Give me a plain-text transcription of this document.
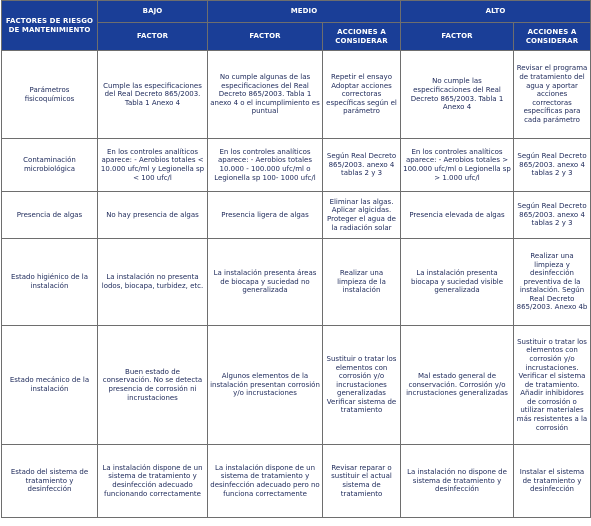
FACTORES DE RIESGO DE MANTENIMIENTO	BAJO	MEDIO		ALTO	
	FACTOR	FACTOR	ACCIONES A CONSIDERAR	FACTOR	ACCIONES A CONSIDERAR
Parámetros fisicoquímicos	Cumple las especificaciones del Real Decreto 865/2003. Tabla 1 Anexo 4	No cumple algunas de las especificaciones del Real Decreto 865/2003. Tabla 1 anexo 4 o el incumplimiento es puntual	Repetir el ensayo Adoptar acciones correctoras específicas según el parámetro	No cumple las especificaciones del Real Decreto 865/2003. Tabla 1 Anexo 4	Revisar el programa de tratamiento del agua y aportar acciones correctoras específicas para cada parámetro
Contaminación microbiológica	En los controles analíticos aparece: - Aerobios totales < 10.000 ufc/ml y Legionella sp < 100 ufc/l	En los controles analíticos aparece: - Aerobios totales 10.000 - 100.000 ufc/ml o Legionella sp 100- 1000 ufc/l	Según Real Decreto 865/2003. anexo 4 tablas 2 y 3	En los controles analíticos aparece: - Aerobios totales > 100.000 ufc/ml o Legionella sp > 1.000 ufc/l	Según Real Decreto 865/2003. anexo 4 tablas 2 y 3
Presencia de algas	No hay presencia de algas	Presencia ligera de algas	Eliminar las algas. Aplicar algicidas. Proteger el agua de la radiación solar	Presencia elevada de algas	Según Real Decreto 865/2003. anexo 4 tablas 2 y 3
Estado higiénico de la instalación	La instalación no presenta lodos, biocapa, turbidez, etc.	La instalación presenta áreas de biocapa y suciedad no generalizada	Realizar una limpieza de la instalación	La instalación presenta biocapa y suciedad visible generalizada	Realizar una limpieza y desinfección preventiva de la instalación. Según Real Decreto 865/2003. Anexo 4b
Estado mecánico de la instalación	Buen estado de conservación. No se detecta presencia de corrosión ni incrustaciones	Algunos elementos de la instalación presentan corrosión y/o incrustaciones	Sustituir o tratar los elementos con corrosión y/o incrustaciones generalizadas Verificar sistema de tratamiento	Mal estado general de conservación. Corrosión y/o incrustaciones generalizadas	Sustituir o tratar los elementos con corrosión y/o incrustaciones. Verificar el sistema de tratamiento. Añadir inhibidores de corrosión o utilizar materiales más resistentes a la corrosión
Estado del sistema de tratamiento y desinfección	La instalación dispone de un sistema de tratamiento y desinfección adecuado funcionando correctamente	La instalación dispone de un sistema de tratamiento y desinfección adecuado pero no funciona correctamente	Revisar reparar o sustituir el actual sistema de tratamiento	La instalación no dispone de sistema de tratamiento y desinfección	Instalar el sistema de tratamiento y desinfección
